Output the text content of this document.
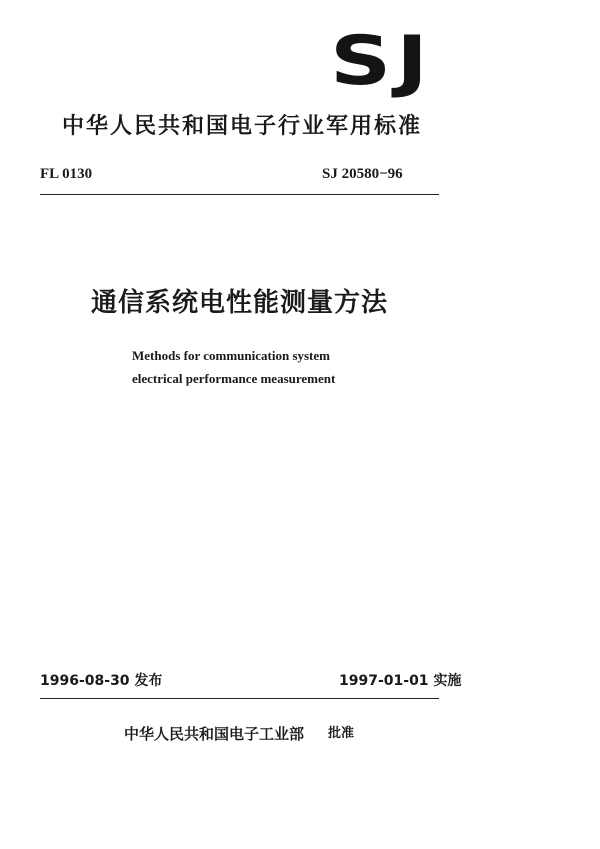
SJ
中华人民共和国电子行业军用标准
FL 0130	SJ 20580−96
通信系统电性能测量方法
Methods for communication system
electrical performance measurement
1996-08-30 发布	1997-01-01 实施
中华人民共和国电子工业部 批准
